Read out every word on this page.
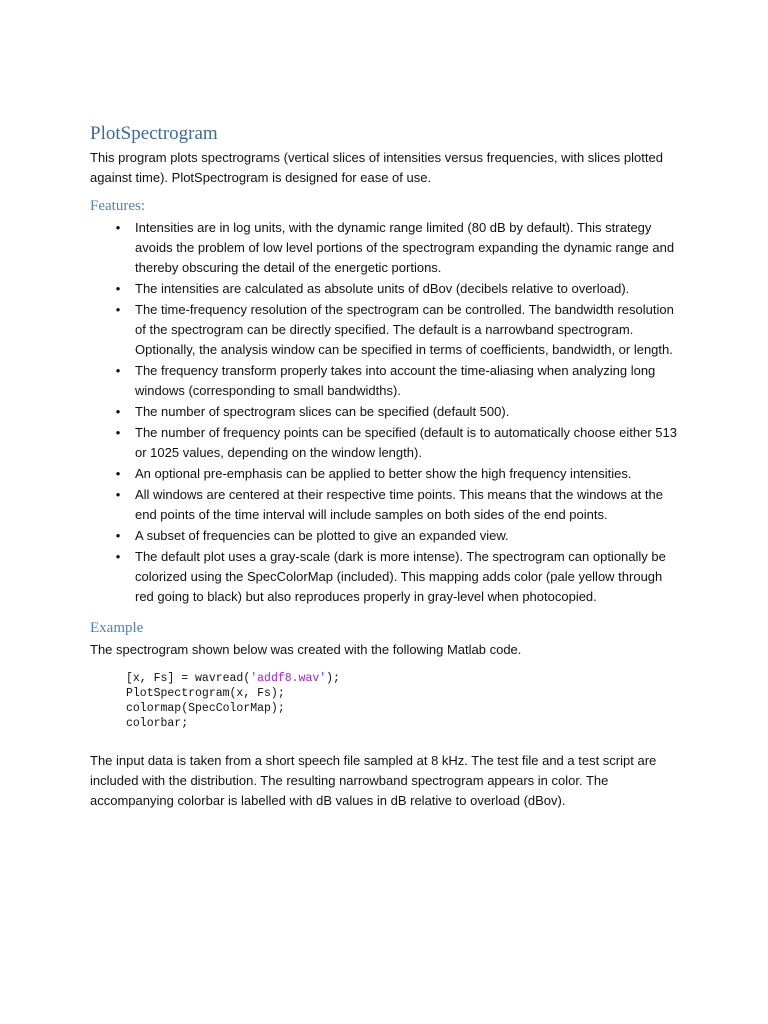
PlotSpectrogram

This program plots spectrograms (vertical slices of intensities versus frequencies, with slices plotted against time). PlotSpectrogram is designed for ease of use.

Features:
• Intensities are in log units, with the dynamic range limited (80 dB by default). This strategy avoids the problem of low level portions of the spectrogram expanding the dynamic range and thereby obscuring the detail of the energetic portions.
• The intensities are calculated as absolute units of dBov (decibels relative to overload).
• The time-frequency resolution of the spectrogram can be controlled. The bandwidth resolution of the spectrogram can be directly specified. The default is a narrowband spectrogram. Optionally, the analysis window can be specified in terms of coefficients, bandwidth, or length.
• The frequency transform properly takes into account the time-aliasing when analyzing long windows (corresponding to small bandwidths).
• The number of spectrogram slices can be specified (default 500).
• The number of frequency points can be specified (default is to automatically choose either 513 or 1025 values, depending on the window length).
• An optional pre-emphasis can be applied to better show the high frequency intensities.
• All windows are centered at their respective time points. This means that the windows at the end points of the time interval will include samples on both sides of the end points.
• A subset of frequencies can be plotted to give an expanded view.
• The default plot uses a gray-scale (dark is more intense). The spectrogram can optionally be colorized using the SpecColorMap (included). This mapping adds color (pale yellow through red going to black) but also reproduces properly in gray-level when photocopied.
Example

The spectrogram shown below was created with the following Matlab code.

[x, Fs] = wavread('addf8.wav');
PlotSpectrogram(x, Fs);
colormap(SpecColorMap);
colorbar;

The input data is taken from a short speech file sampled at 8 kHz. The test file and a test script are included with the distribution. The resulting narrowband spectrogram appears in color. The accompanying colorbar is labelled with dB values in dB relative to overload (dBov).
